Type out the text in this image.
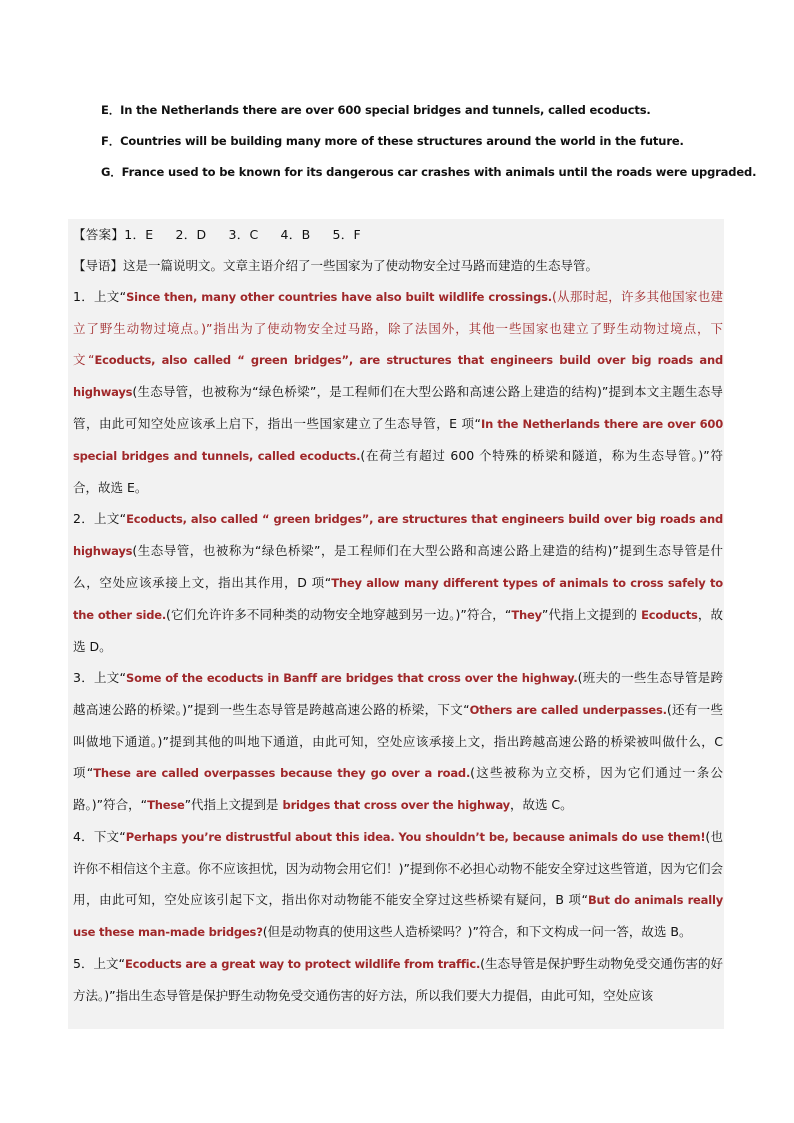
E．In the Netherlands there are over 600 special bridges and tunnels, called ecoducts.
F．Countries will be building many more of these structures around the world in the future.
G．France used to be known for its dangerous car crashes with animals until the roads were upgraded.

【答案】1．E 2．D 3．C 4．B 5．F

【导语】这是一篇说明文。文章主语介绍了一些国家为了使动物安全过马路而建造的生态导管。

1．上文“Since then, many other countries have also built wildlife crossings.(从那时起，许多其他国家也建立了野生动物过境点。)”指出为了使动物安全过马路，除了法国外，其他一些国家也建立了野生动物过境点，下文“Ecoducts, also called “ green bridges”, are structures that engineers build over big roads and highways(生态导管，也被称为“绿色桥梁”，是工程师们在大型公路和高速公路上建造的结构)”提到本文主题生态导管，由此可知空处应该承上启下，指出一些国家建立了生态导管，E 项“In the Netherlands there are over 600 special bridges and tunnels, called ecoducts.(在荷兰有超过 600 个特殊的桥梁和隧道，称为生态导管。)”符合，故选 E。

2．上文“Ecoducts, also called “ green bridges”, are structures that engineers build over big roads and highways(生态导管，也被称为“绿色桥梁”，是工程师们在大型公路和高速公路上建造的结构)”提到生态导管是什么，空处应该承接上文，指出其作用，D 项“They allow many different types of animals to cross safely to the other side.(它们允许许多不同种类的动物安全地穿越到另一边。)”符合，“They”代指上文提到的 Ecoducts，故选 D。

3．上文“Some of the ecoducts in Banff are bridges that cross over the highway.(班夫的一些生态导管是跨越高速公路的桥梁。)”提到一些生态导管是跨越高速公路的桥梁，下文“Others are called underpasses.(还有一些叫做地下通道。)”提到其他的叫地下通道，由此可知，空处应该承接上文，指出跨越高速公路的桥梁被叫做什么，C 项“These are called overpasses because they go over a road.(这些被称为立交桥，因为它们通过一条公路。)”符合，“These”代指上文提到是 bridges that cross over the highway，故选 C。

4．下文“Perhaps you’re distrustful about this idea. You shouldn’t be, because animals do use them!(也许你不相信这个主意。你不应该担忧，因为动物会用它们！)”提到你不必担心动物不能安全穿过这些管道，因为它们会用，由此可知，空处应该引起下文，指出你对动物能不能安全穿过这些桥梁有疑问，B 项“But do animals really use these man-made bridges?(但是动物真的使用这些人造桥梁吗？)”符合，和下文构成一问一答，故选 B。

5．上文“Ecoducts are a great way to protect wildlife from traffic.(生态导管是保护野生动物免受交通伤害的好方法。)”指出生态导管是保护野生动物免受交通伤害的好方法，所以我们要大力提倡，由此可知，空处应该
